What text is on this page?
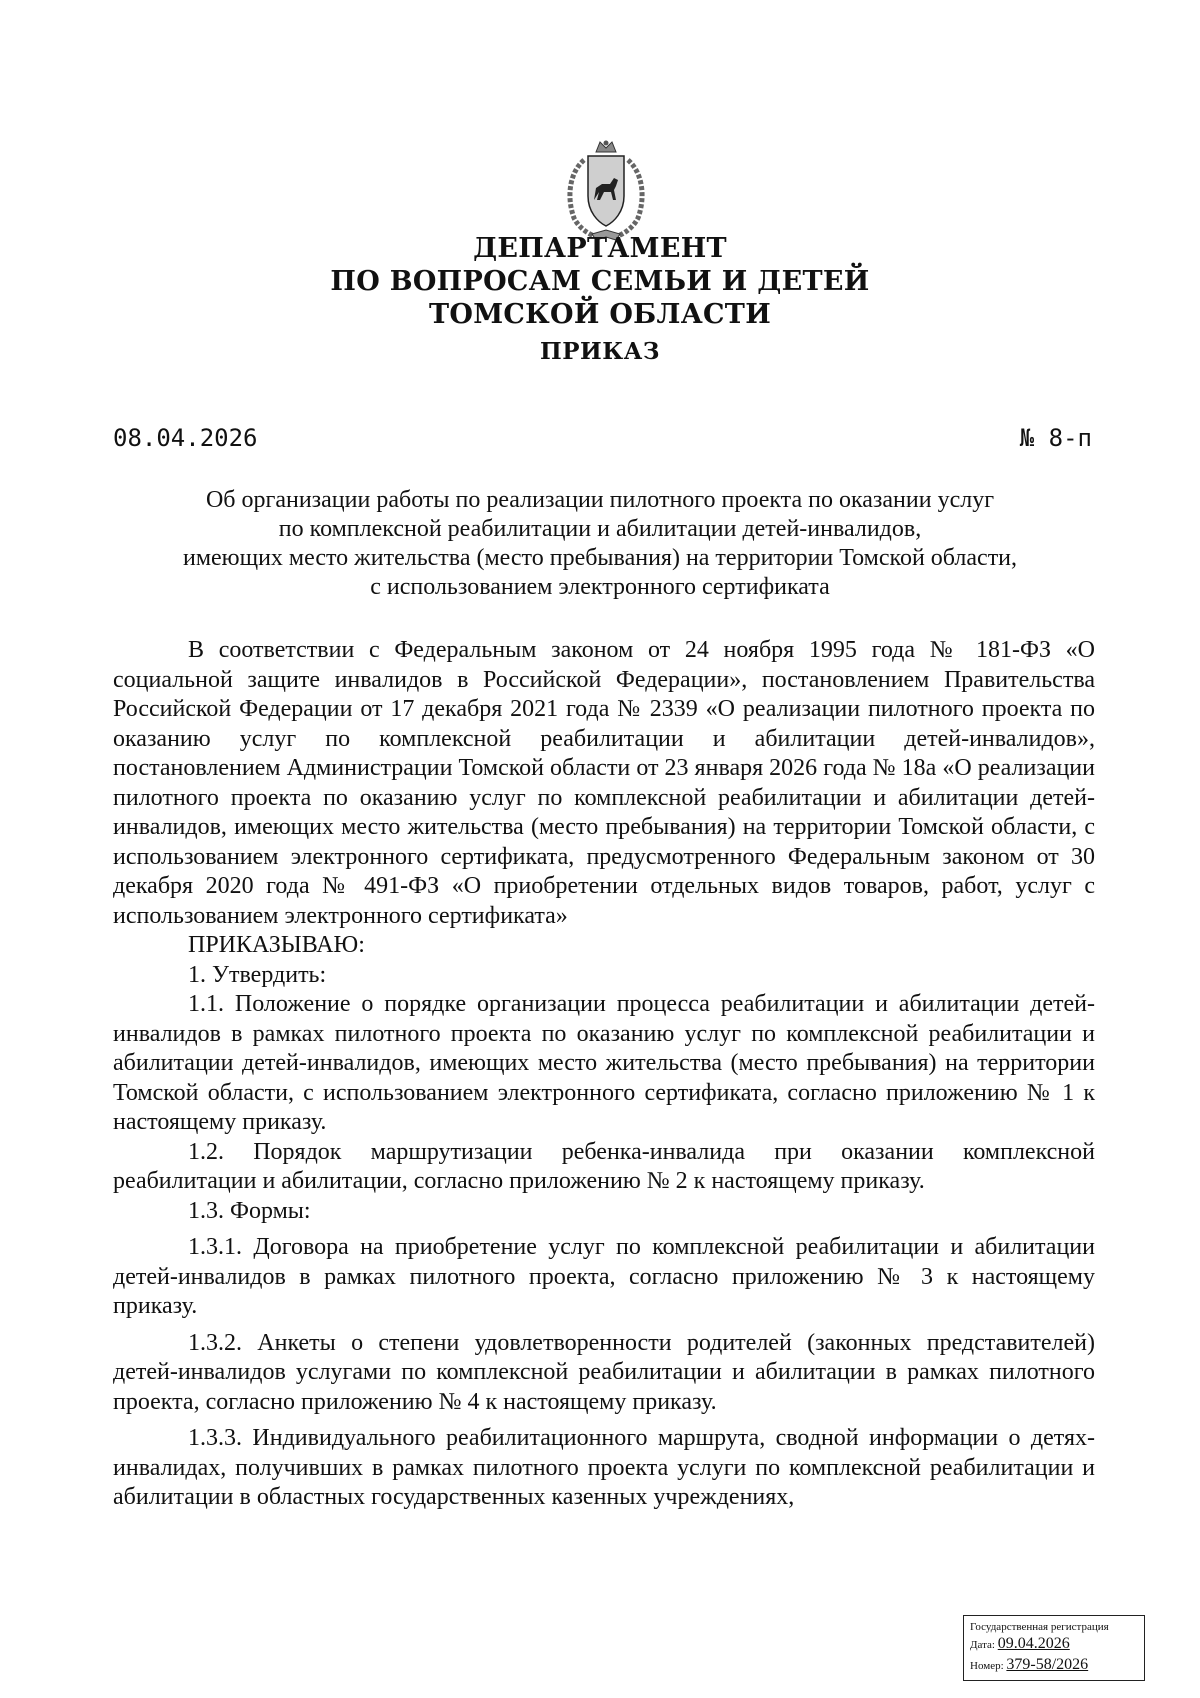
ДЕПАРТАМЕНТ
ПО ВОПРОСАМ СЕМЬИ И ДЕТЕЙ
ТОМСКОЙ ОБЛАСТИ
ПРИКАЗ
08.04.2026	№ 8-п
Об организации работы по реализации пилотного проекта по оказании услуг
по комплексной реабилитации и абилитации детей-инвалидов,
имеющих место жительства (место пребывания) на территории Томской области,
с использованием электронного сертификата

В соответствии с Федеральным законом от 24 ноября 1995 года № 181-ФЗ «О социальной защите инвалидов в Российской Федерации», постановлением Правительства Российской Федерации от 17 декабря 2021 года № 2339 «О реализации пилотного проекта по оказанию услуг по комплексной реабилитации и абилитации детей-инвалидов», постановлением Администрации Томской области от 23 января 2026 года № 18а «О реализации пилотного проекта по оказанию услуг по комплексной реабилитации и абилитации детей-инвалидов, имеющих место жительства (место пребывания) на территории Томской области, с использованием электронного сертификата, предусмотренного Федеральным законом от 30 декабря 2020 года № 491-ФЗ «О приобретении отдельных видов товаров, работ, услуг с использованием электронного сертификата»

ПРИКАЗЫВАЮ:

1. Утвердить:

1.1. Положение о порядке организации процесса реабилитации и абилитации детей-инвалидов в рамках пилотного проекта по оказанию услуг по комплексной реабилитации и абилитации детей-инвалидов, имеющих место жительства (место пребывания) на территории Томской области, с использованием электронного сертификата, согласно приложению № 1 к настоящему приказу.

1.2. Порядок маршрутизации ребенка-инвалида при оказании комплексной реабилитации и абилитации, согласно приложению № 2 к настоящему приказу.

1.3. Формы:

1.3.1. Договора на приобретение услуг по комплексной реабилитации и абилитации детей-инвалидов в рамках пилотного проекта, согласно приложению № 3 к настоящему приказу.

1.3.2. Анкеты о степени удовлетворенности родителей (законных представителей) детей-инвалидов услугами по комплексной реабилитации и абилитации в рамках пилотного проекта, согласно приложению № 4 к настоящему приказу.

1.3.3. Индивидуального реабилитационного маршрута, сводной информации о детях-инвалидах, получивших в рамках пилотного проекта услуги по комплексной реабилитации и абилитации в областных государственных казенных учреждениях,

Государственная регистрация
Дата: 09.04.2026
Номер: 379-58/2026
